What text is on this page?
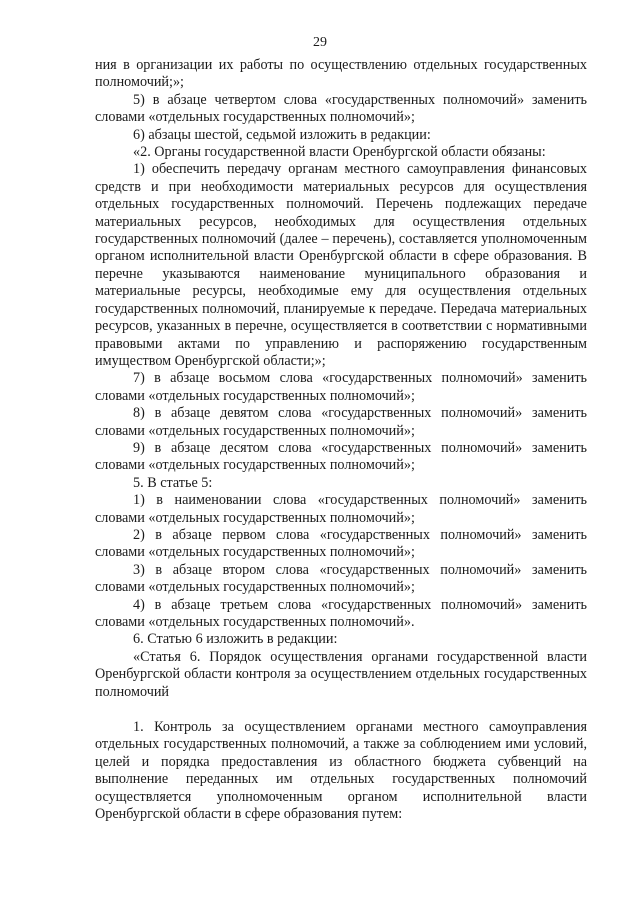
29

ния в организации их работы по осуществлению отдельных государственных полномочий;»;

5) в абзаце четвертом слова «государственных полномочий» заменить словами «отдельных государственных полномочий»;

6) абзацы шестой, седьмой изложить в редакции:

«2. Органы государственной власти Оренбургской области обязаны:

1) обеспечить передачу органам местного самоуправления финансовых средств и при необходимости материальных ресурсов для осуществления отдельных государственных полномочий. Перечень подлежащих передаче материальных ресурсов, необходимых для осуществления отдельных государственных полномочий (далее – перечень), составляется уполномоченным органом исполнительной власти Оренбургской области в сфере образования. В перечне указываются наименование муниципального образования и материальные ресурсы, необходимые ему для осуществления отдельных государственных полномочий, планируемые к передаче. Передача материальных ресурсов, указанных в перечне, осуществляется в соответствии с нормативными правовыми актами по управлению и распоряжению государственным имуществом Оренбургской области;»;

7) в абзаце восьмом слова «государственных полномочий» заменить словами «отдельных государственных полномочий»;

8) в абзаце девятом слова «государственных полномочий» заменить словами «отдельных государственных полномочий»;

9) в абзаце десятом слова «государственных полномочий» заменить словами «отдельных государственных полномочий»;

5. В статье 5:

1) в наименовании слова «государственных полномочий» заменить словами «отдельных государственных полномочий»;

2) в абзаце первом слова «государственных полномочий» заменить словами «отдельных государственных полномочий»;

3) в абзаце втором слова «государственных полномочий» заменить словами «отдельных государственных полномочий»;

4) в абзаце третьем слова «государственных полномочий» заменить словами «отдельных государственных полномочий».

6. Статью 6 изложить в редакции:

«Статья 6. Порядок осуществления органами государственной власти Оренбургской области контроля за осуществлением отдельных государственных полномочий

1. Контроль за осуществлением органами местного самоуправления отдельных государственных полномочий, а также за соблюдением ими условий, целей и порядка предоставления из областного бюджета субвенций на выполнение переданных им отдельных государственных полномочий осуществляется уполномоченным органом исполнительной власти Оренбургской области в сфере образования путем:
